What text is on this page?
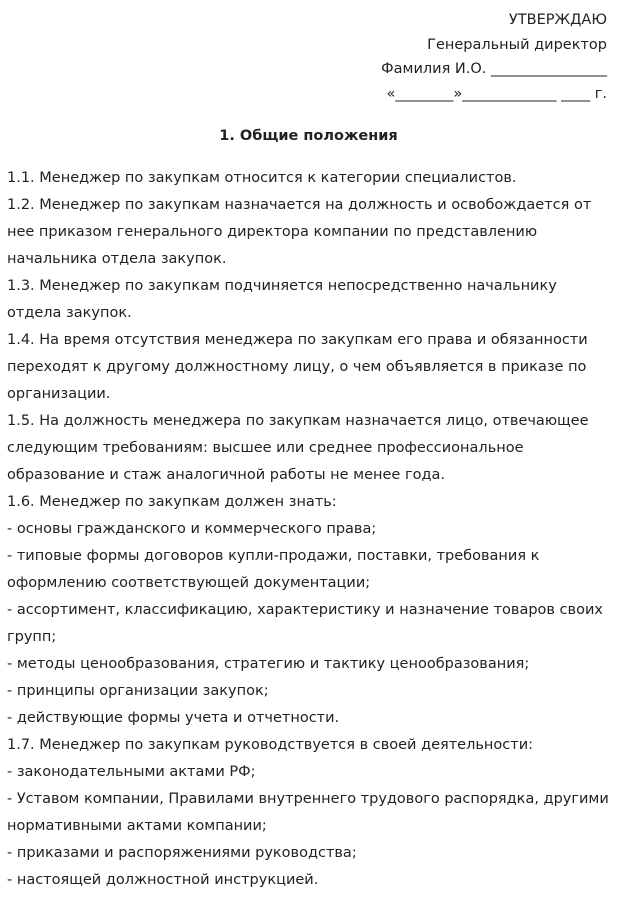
УТВЕРЖДАЮ
Генеральный директор
Фамилия И.О. ________________
«________»_____________ ____ г.
1. Общие положения

1.1. Менеджер по закупкам относится к категории специалистов.

1.2. Менеджер по закупкам назначается на должность и освобождается от нее приказом генерального директора компании по представлению начальника отдела закупок.

1.3. Менеджер по закупкам подчиняется непосредственно начальнику отдела закупок.

1.4. На время отсутствия менеджера по закупкам его права и обязанности переходят к другому должностному лицу, о чем объявляется в приказе по организации.

1.5. На должность менеджера по закупкам назначается лицо, отвечающее следующим требованиям: высшее или среднее профессиональное образование и стаж аналогичной работы не менее года.

1.6. Менеджер по закупкам должен знать:

- основы гражданского и коммерческого права;

- типовые формы договоров купли-продажи, поставки, требования к оформлению соответствующей документации;

- ассортимент, классификацию, характеристику и назначение товаров своих групп;

- методы ценообразования, стратегию и тактику ценообразования;

- принципы организации закупок;

- действующие формы учета и отчетности.

1.7. Менеджер по закупкам руководствуется в своей деятельности:

- законодательными актами РФ;

- Уставом компании, Правилами внутреннего трудового распорядка, другими нормативными актами компании;

- приказами и распоряжениями руководства;

- настоящей должностной инструкцией.
